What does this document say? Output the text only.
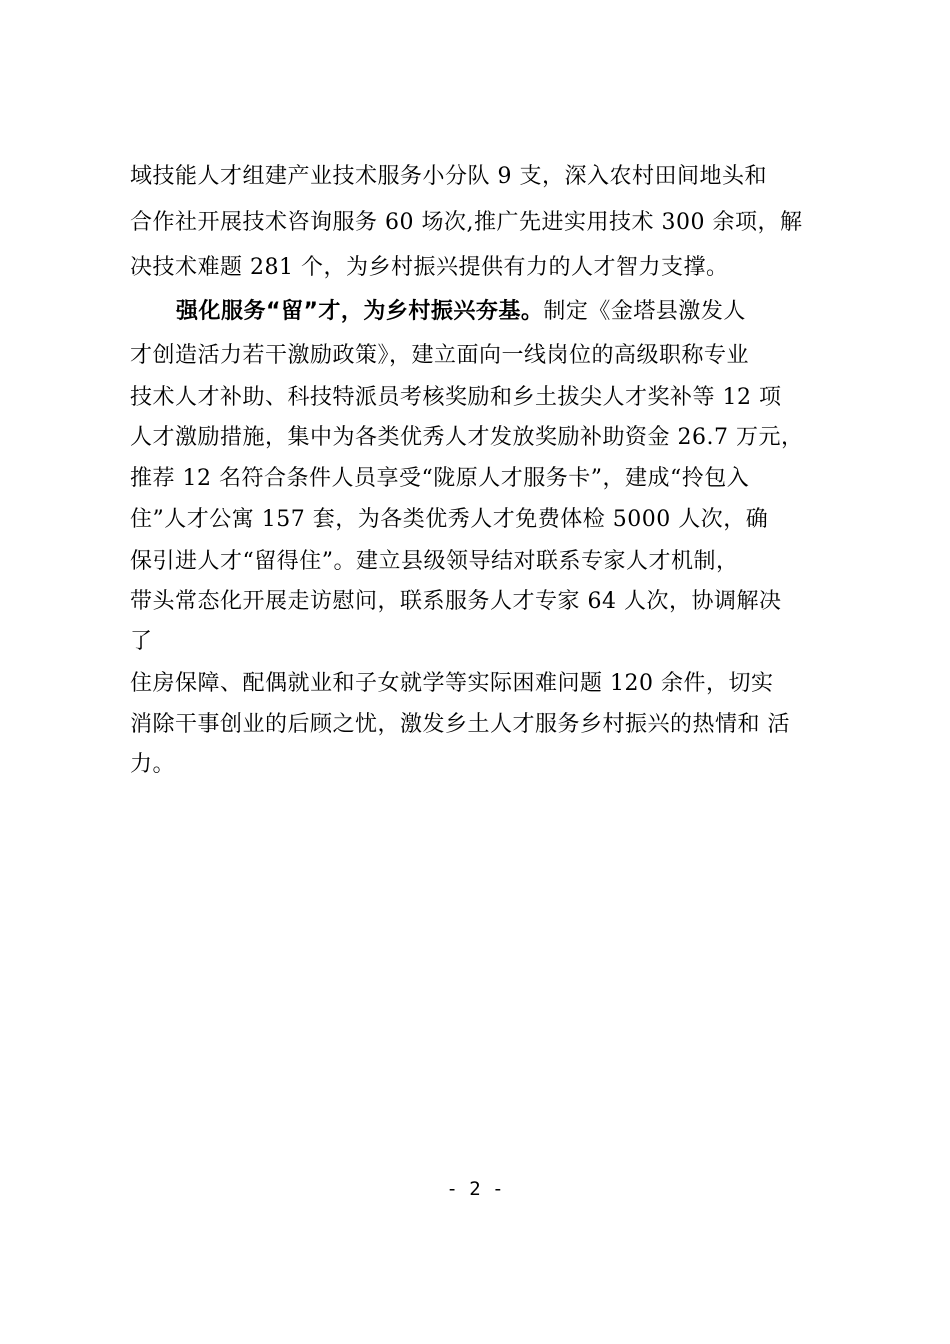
域技能人才组建产业技术服务小分队 9 支，深入农村田间地头和
合作社开展技术咨询服务 60 场次,推广先进实用技术 300 余项，解
决技术难题 281 个，为乡村振兴提供有力的人才智力支撑。
强化服务“留”才，为乡村振兴夯基。制定《金塔县激发人
才创造活力若干激励政策》，建立面向一线岗位的高级职称专业
技术人才补助、科技特派员考核奖励和乡土拔尖人才奖补等 12 项
人才激励措施，集中为各类优秀人才发放奖励补助资金 26.7 万元，
推荐 12 名符合条件人员享受“陇原人才服务卡”，建成“拎包入
住”人才公寓 157 套，为各类优秀人才免费体检 5000 人次，确
保引进人才“留得住”。建立县级领导结对联系专家人才机制，
带头常态化开展走访慰问，联系服务人才专家 64 人次，协调解决
了
住房保障、配偶就业和子女就学等实际困难问题 120 余件，切实
消除干事创业的后顾之忧，激发乡土人才服务乡村振兴的热情和 活
力。
- 2 -
